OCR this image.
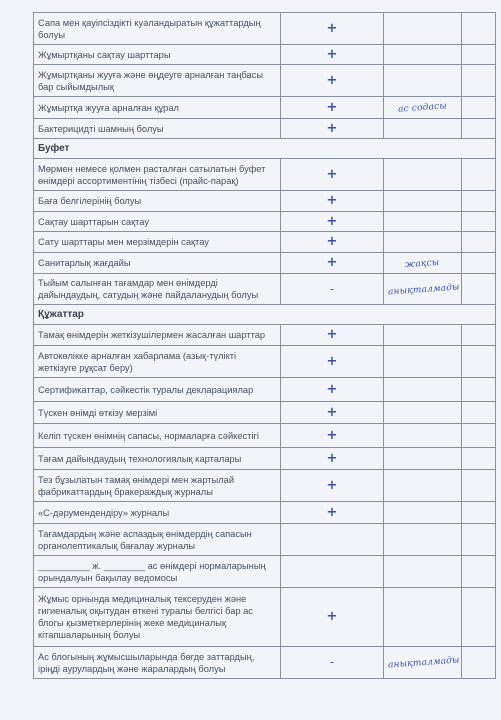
Сапа мен қауіпсіздікті куәландыратын құжаттардың болуы	+		
Жұмыртқаны сақтау шарттары	+		
Жұмыртқаны жууға және өңдеуге арналған таңбасы бар сыйымдылық	+		
Жұмыртқа жууға арналған құрал	+	ас содасы	
Бактерицидті шамның болуы	+		
Буфет			
Мөрмен немесе қолмен расталған сатылатын буфет өнімдері ассортиментінің тізбесі (прайс-парақ)	+		
Баға белгілерінің болуы	+		
Сақтау шарттарын сақтау	+		
Сату шарттары мен мерзімдерін сақтау	+		
Санитарлық жағдайы	+	жақсы	
Тыйым салынған тағамдар мен өнімдерді дайындаудың, сатудың және пайдаланудың болуы	-	анықталмады	
Құжаттар			
Тамақ өнімдерін жеткізушілермен жасалған шарттар	+		
Автокөлікке арналған хабарлама (азық-түлікті жеткізуге рұқсат беру)	+		
Сертификаттар, сәйкестік туралы декларациялар	+		
Түскен өнімді өткізу мерзімі	+		
Келіп түскен өнімнің сапасы, нормаларға сәйкестігі	+		
Тағам дайындаудың технологиялық карталары	+		
Тез бұзылатын тамақ өнімдері мен жартылай фабрикаттардың бракераждық журналы	+		
«С-дәрумендендіру» журналы	+		
Тағамдардың және аспаздық өнімдердің сапасын органолептикалық бағалау журналы			
__________ ж. ________ ас өнімдері нормаларының орындалуын бақылау ведомосы			
Жұмыс орнында медициналық тексеруден және гигиеналық оқытудан өткені туралы белгісі бар ас блогы қызметкерлерінің жеке медициналық кітапшаларының болуы	+		
Ас блогының жұмысшыларында бөгде заттардың, іріңді аурулардың және жаралардың болуы	-	анықталмады	
